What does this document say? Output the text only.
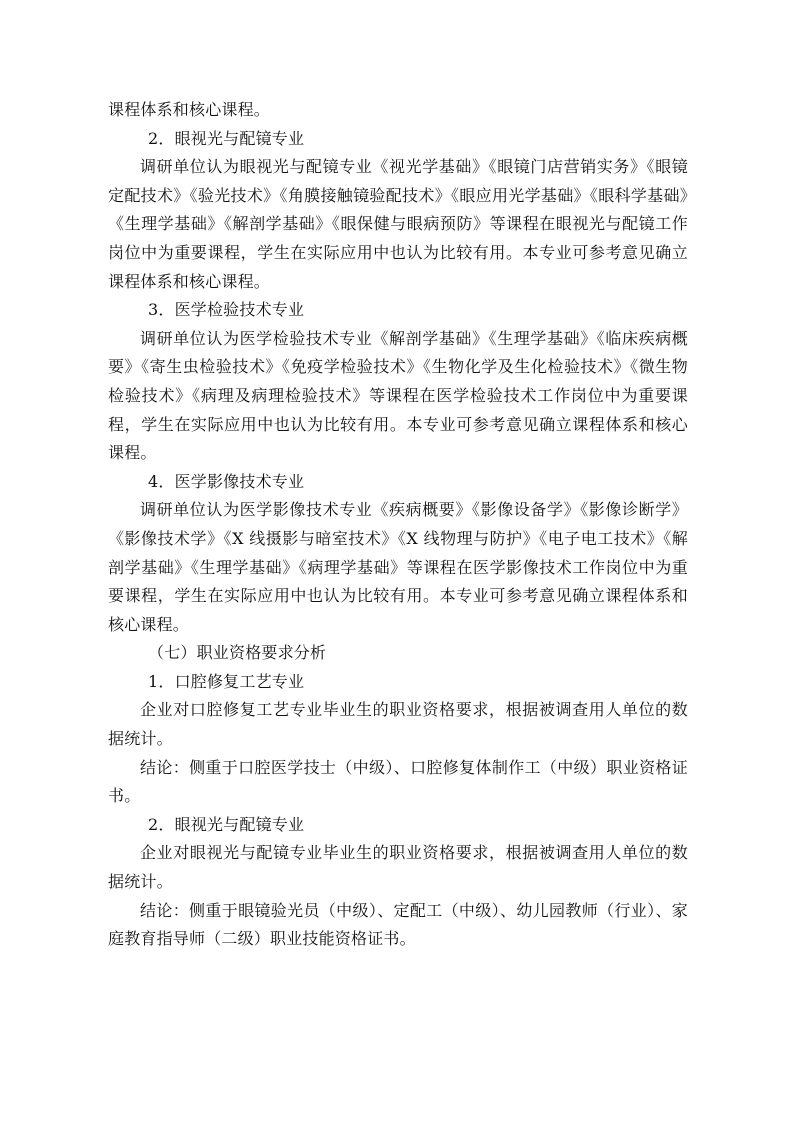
课程体系和核心课程。

2．眼视光与配镜专业

调研单位认为眼视光与配镜专业《视光学基础》《眼镜门店营销实务》《眼镜定配技术》《验光技术》《角膜接触镜验配技术》《眼应用光学基础》《眼科学基础》《生理学基础》《解剖学基础》《眼保健与眼病预防》等课程在眼视光与配镜工作岗位中为重要课程，学生在实际应用中也认为比较有用。本专业可参考意见确立课程体系和核心课程。

3．医学检验技术专业

调研单位认为医学检验技术专业《解剖学基础》《生理学基础》《临床疾病概要》《寄生虫检验技术》《免疫学检验技术》《生物化学及生化检验技术》《微生物检验技术》《病理及病理检验技术》等课程在医学检验技术工作岗位中为重要课程，学生在实际应用中也认为比较有用。本专业可参考意见确立课程体系和核心课程。

4．医学影像技术专业

调研单位认为医学影像技术专业《疾病概要》《影像设备学》《影像诊断学》《影像技术学》《X 线摄影与暗室技术》《X 线物理与防护》《电子电工技术》《解剖学基础》《生理学基础》《病理学基础》等课程在医学影像技术工作岗位中为重要课程，学生在实际应用中也认为比较有用。本专业可参考意见确立课程体系和核心课程。

（七）职业资格要求分析

1．口腔修复工艺专业

企业对口腔修复工艺专业毕业生的职业资格要求，根据被调查用人单位的数据统计。

结论：侧重于口腔医学技士（中级）、口腔修复体制作工（中级）职业资格证书。

2．眼视光与配镜专业

企业对眼视光与配镜专业毕业生的职业资格要求，根据被调查用人单位的数据统计。

结论：侧重于眼镜验光员（中级）、定配工（中级）、幼儿园教师（行业）、家庭教育指导师（二级）职业技能资格证书。
